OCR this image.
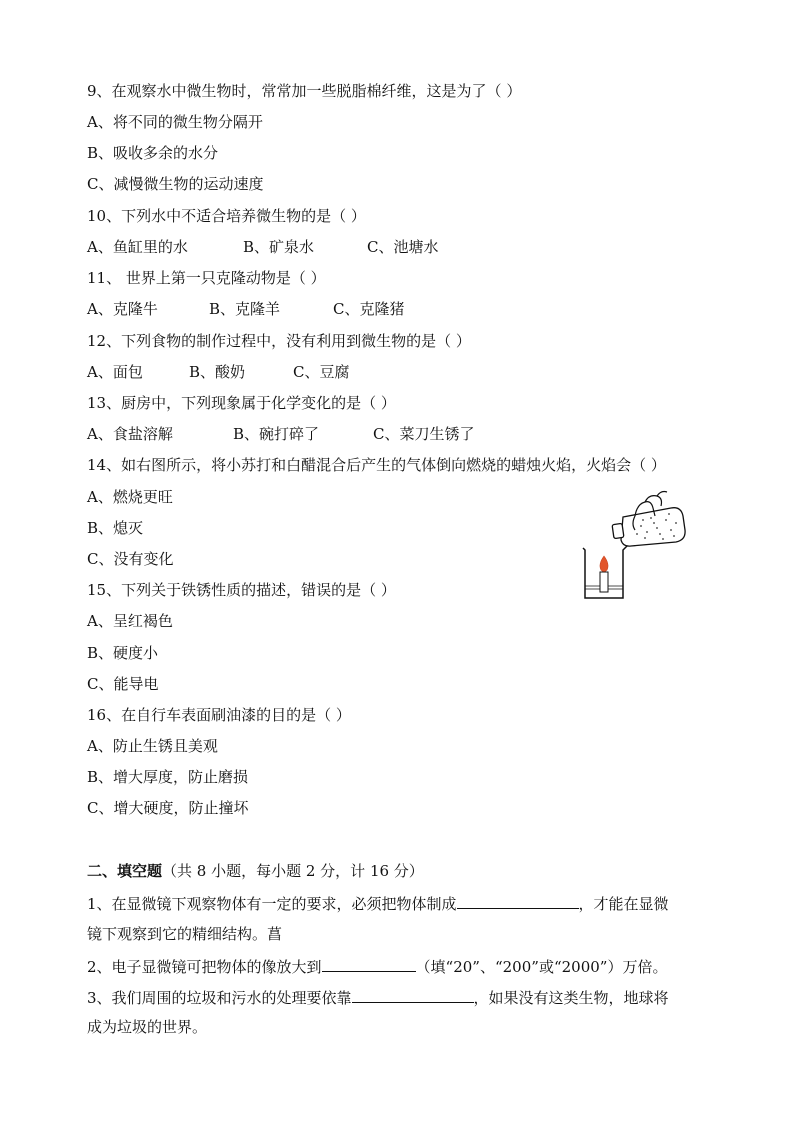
9、在观察水中微生物时，常常加一些脱脂棉纤维，这是为了（ ）
A、将不同的微生物分隔开
B、吸收多余的水分
C、减慢微生物的运动速度
10、下列水中不适合培养微生物的是（ ）
A、鱼缸里的水	B、矿泉水	C、池塘水
11、 世界上第一只克隆动物是（ ）
A、克隆牛	B、克隆羊	C、克隆猪
12、下列食物的制作过程中，没有利用到微生物的是（ ）
A、面包	B、酸奶	C、豆腐
13、厨房中，下列现象属于化学变化的是（ ）
A、食盐溶解	B、碗打碎了	C、菜刀生锈了
14、如右图所示，将小苏打和白醋混合后产生的气体倒向燃烧的蜡烛火焰，火焰会（ ）
A、燃烧更旺
B、熄灭
C、没有变化
15、下列关于铁锈性质的描述，错误的是（ ）
A、呈红褐色
B、硬度小
C、能导电
16、在自行车表面刷油漆的目的是（ ）
A、防止生锈且美观
B、增大厚度，防止磨损
C、增大硬度，防止撞坏
二、填空题（共 8 小题，每小题 2 分，计 16 分）
1、在显微镜下观察物体有一定的要求，必须把物体制成	，才能在显微
镜下观察到它的精细结构。菖
2、电子显微镜可把物体的像放大到	（填“20”、“200”或“2000”）万倍。
3、我们周围的垃圾和污水的处理要依靠	，如果没有这类生物，地球将
成为垃圾的世界。
